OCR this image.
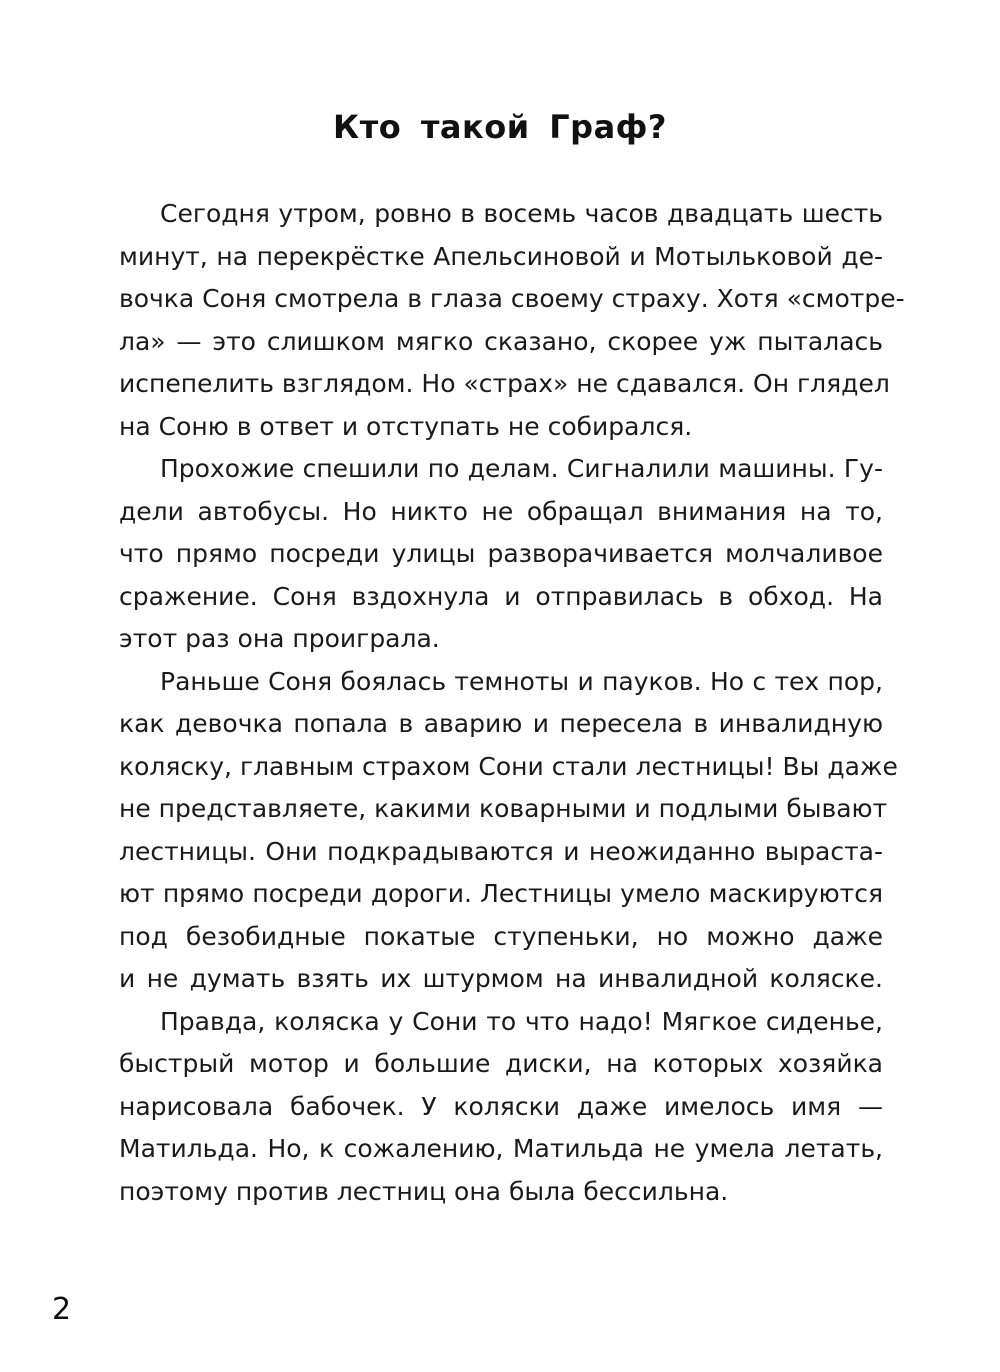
Кто такой Граф?
Сегодня утром, ровно в восемь часов двадцать шесть
минут, на перекрёстке Апельсиновой и Мотыльковой де-
вочка Соня смотрела в глаза своему страху. Хотя «смотре-
ла» — это слишком мягко сказано, скорее уж пыталась
испепелить взглядом. Но «страх» не сдавался. Он глядел
на Соню в ответ и отступать не собирался.
Прохожие спешили по делам. Сигналили машины. Гу-
дели автобусы. Но никто не обращал внимания на то,
что прямо посреди улицы разворачивается молчаливое
сражение. Соня вздохнула и отправилась в обход. На
этот раз она проиграла.
Раньше Соня боялась темноты и пауков. Но с тех пор,
как девочка попала в аварию и пересела в инвалидную
коляску, главным страхом Сони стали лестницы! Вы даже
не представляете, какими коварными и подлыми бывают
лестницы. Они подкрадываются и неожиданно выраста-
ют прямо посреди дороги. Лестницы умело маскируются
под безобидные покатые ступеньки, но можно даже
и не думать взять их штурмом на инвалидной коляске.
Правда, коляска у Сони то что надо! Мягкое сиденье,
быстрый мотор и большие диски, на которых хозяйка
нарисовала бабочек. У коляски даже имелось имя —
Матильда. Но, к сожалению, Матильда не умела летать,
поэтому против лестниц она была бессильна.
2
